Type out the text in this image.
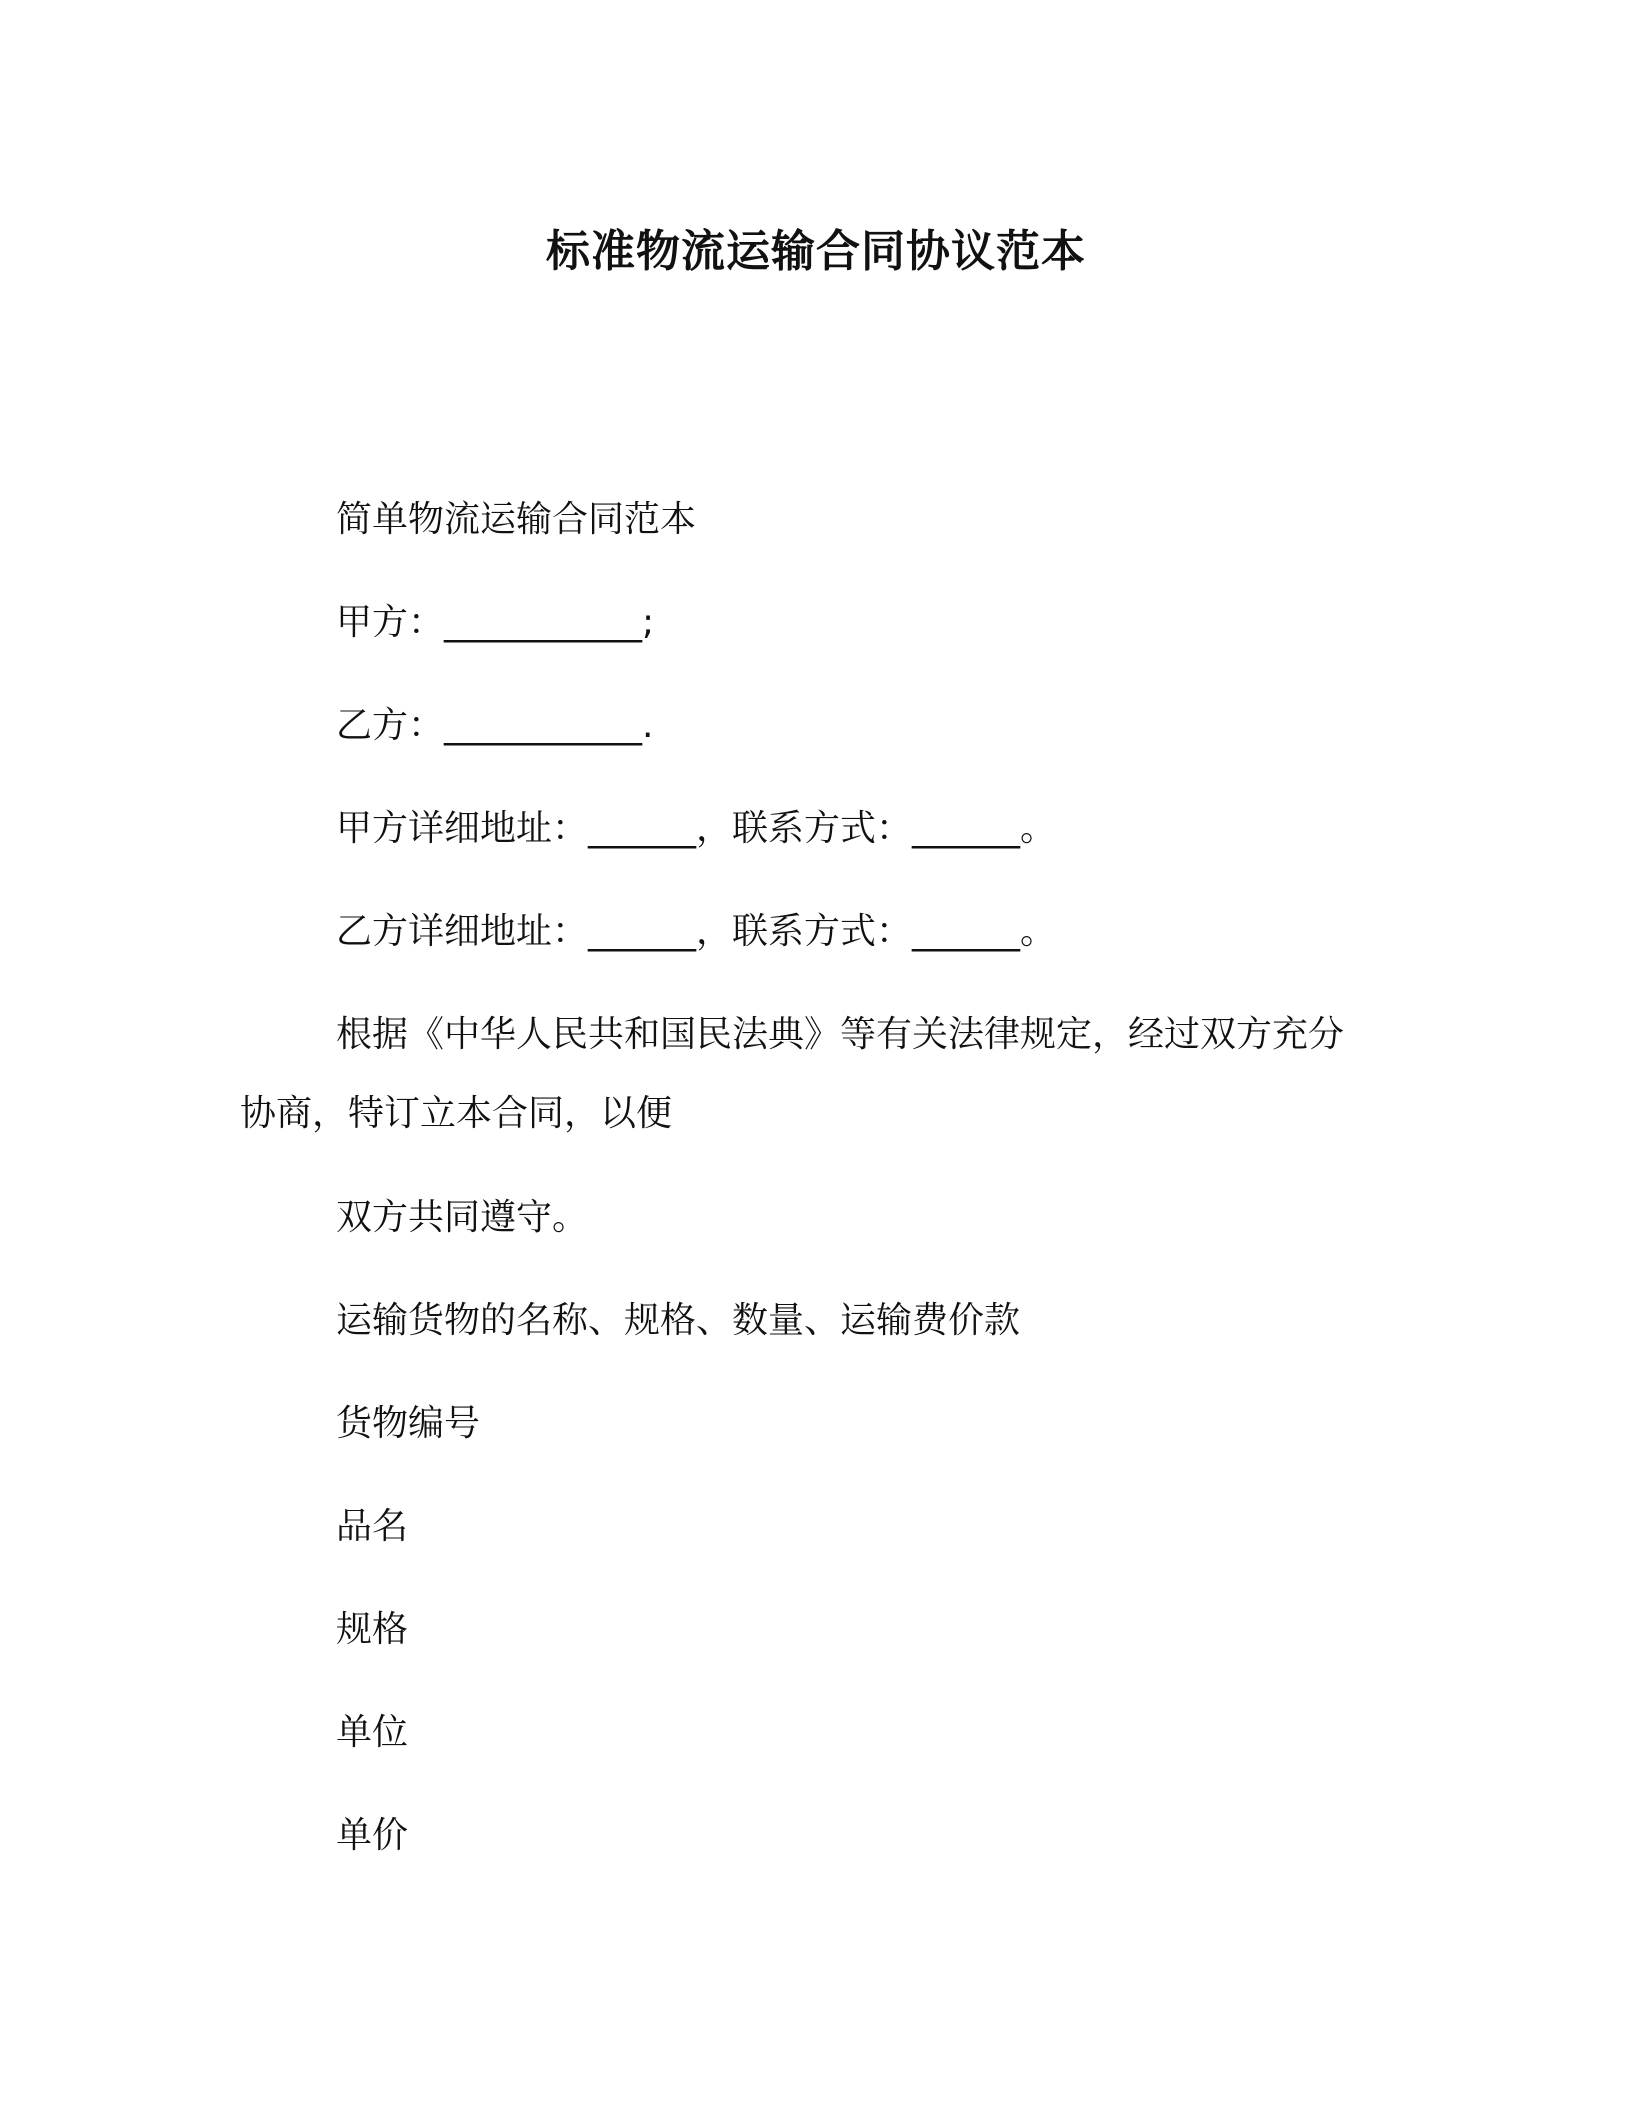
标准物流运输合同协议范本
简单物流运输合同范本
甲方：___________;
乙方：___________.
甲方详细地址：______，联系方式：______。
乙方详细地址：______，联系方式：______。
根据《中华人民共和国民法典》等有关法律规定，经过双方充分
协商，特订立本合同，以便
双方共同遵守。
运输货物的名称、规格、数量、运输费价款
货物编号
品名
规格
单位
单价
